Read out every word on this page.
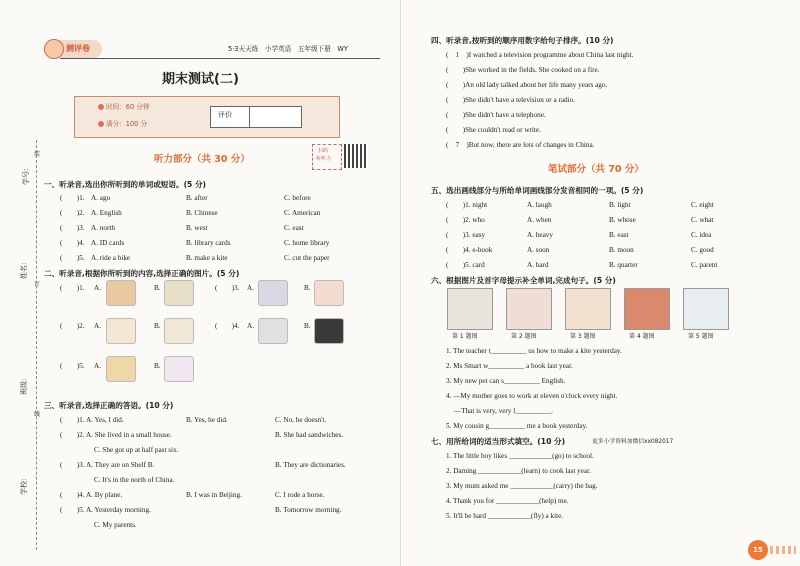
测评卷	5·3天天练　小学英语　五年级下册　WY
期末测试(二)
时间：60 分钟
满分：100 分
评价
听力部分（共 30 分）
扫码
听听力
学号：
姓名：
班级：
学校：
装
订
线
一、听录音,选出你所听到的单词或短语。(5 分)
(　　)1. A. ago	B. after	C. before
(　　)2. A. English	B. Chinese	C. American
(　　)3. A. north	B. west	C. east
(　　)4. A. ID cards	B. library cards	C. home library
(　　)5. A. ride a bike	B. make a kite	C. cut the paper
二、听录音,根据你所听到的内容,选择正确的图片。(5 分)
(　　)1. A.	B.	(　　)3. A.	B.
(　　)2. A.	B.	(　　)4. A.	B.
(　　)5. A.	B.
三、听录音,选择正确的答语。(10 分)
(　　)1. A. Yes, I did.	B. Yes, he did.	C. No, he doesn't.
(　　)2. A. She lived in a small house.	B. She had sandwiches.
C. She got up at half past six.
(　　)3. A. They are on Shelf B.	B. They are dictionaries.
C. It's in the north of China.
(　　)4. A. By plane.	B. I was in Beijing.	C. I rode a horse.
(　　)5. A. Yesterday morning.	B. Tomorrow morning.
C. My parents.
四、听录音,按听到的顺序用数字给句子排序。(10 分)
(　1　)I watched a television programme about China last night.
(　　)She worked in the fields. She cooked on a fire.
(　　)An old lady talked about her life many years ago.
(　　)She didn't have a television or a radio.
(　　)She didn't have a telephone.
(　　)She couldn't read or write.
(　7　)But now, there are lots of changes in China.
笔试部分（共 70 分）
五、选出画线部分与所给单词画线部分发音相同的一项。(5 分)
(　　)1. night	A. laugh	B. light	C. eight
(　　)2. who	A. when	B. whose	C. what
(　　)3. easy	A. heavy	B. east	C. idea
(　　)4. e-book	A. soon	B. moon	C. good
(　　)5. card	A. hard	B. quarter	C. parent
六、根据图片及首字母提示补全单词,完成句子。(5 分)
第 1 题图	第 2 题图	第 3 题图	第 4 题图	第 5 题图
1. The teacher t__________ us how to make a kite yesterday.
2. Ms Smart w__________ a book last year.
3. My new pet can s__________ English.
4. —My mother goes to work at eleven o'clock every night.
—That is very, very l__________.
5. My cousin g__________ me a book yesterday.
七、用所给词的适当形式填空。(10 分)	更多小学资料加微信xx082017
1. The little boy likes ____________(go) to school.
2. Daming ____________(learn) to cook last year.
3. My mum asked me ____________(carry) the bag.
4. Thank you for ____________(help) me.
5. It'll be hard ____________(fly) a kite.
15
